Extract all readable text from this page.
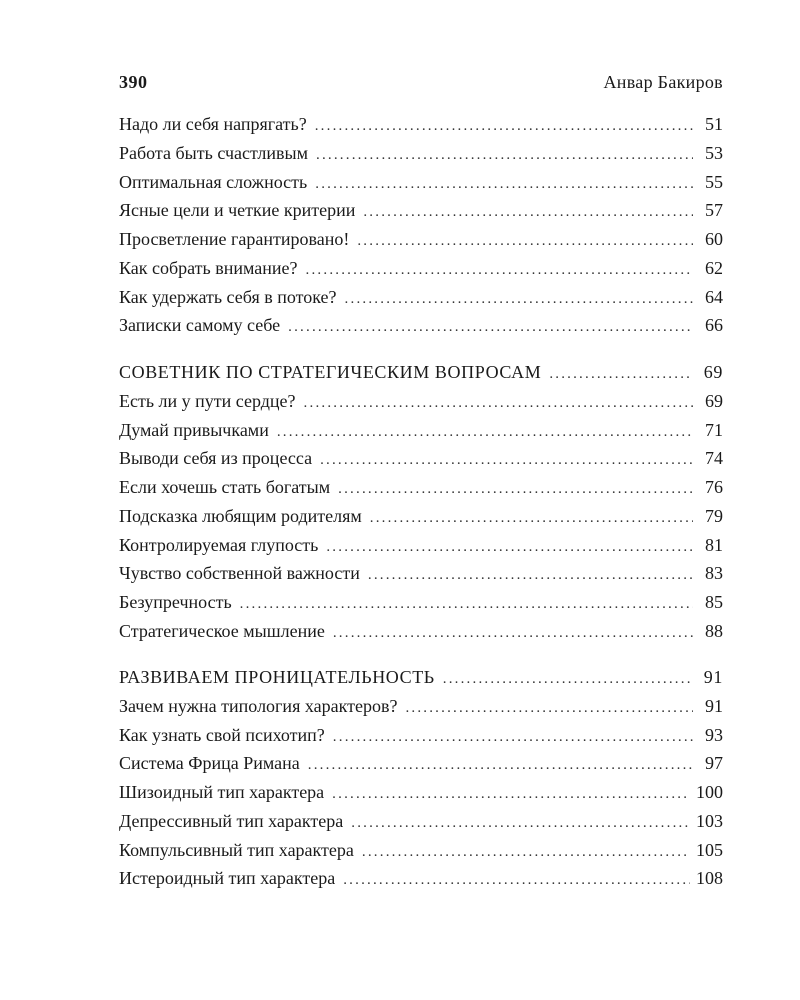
390	Анвар Бакиров
Надо ли себя напрягать? .....	51
Работа быть счастливым .....	53
Оптимальная сложность .....	55
Ясные цели и четкие критерии .....	57
Просветление гарантировано! .....	60
Как собрать внимание? .....	62
Как удержать себя в потоке? .....	64
Записки самому себе .....	66
СОВЕТНИК ПО СТРАТЕГИЧЕСКИМ ВОПРОСАМ .....	69
Есть ли у пути сердце? .....	69
Думай привычками .....	71
Выводи себя из процесса .....	74
Если хочешь стать богатым .....	76
Подсказка любящим родителям .....	79
Контролируемая глупость .....	81
Чувство собственной важности .....	83
Безупречность .....	85
Стратегическое мышление .....	88
РАЗВИВАЕМ ПРОНИЦАТЕЛЬНОСТЬ .....	91
Зачем нужна типология характеров? .....	91
Как узнать свой психотип? .....	93
Система Фрица Римана .....	97
Шизоидный тип характера .....	100
Депрессивный тип характера .....	103
Компульсивный тип характера .....	105
Истероидный тип характера .....	108
